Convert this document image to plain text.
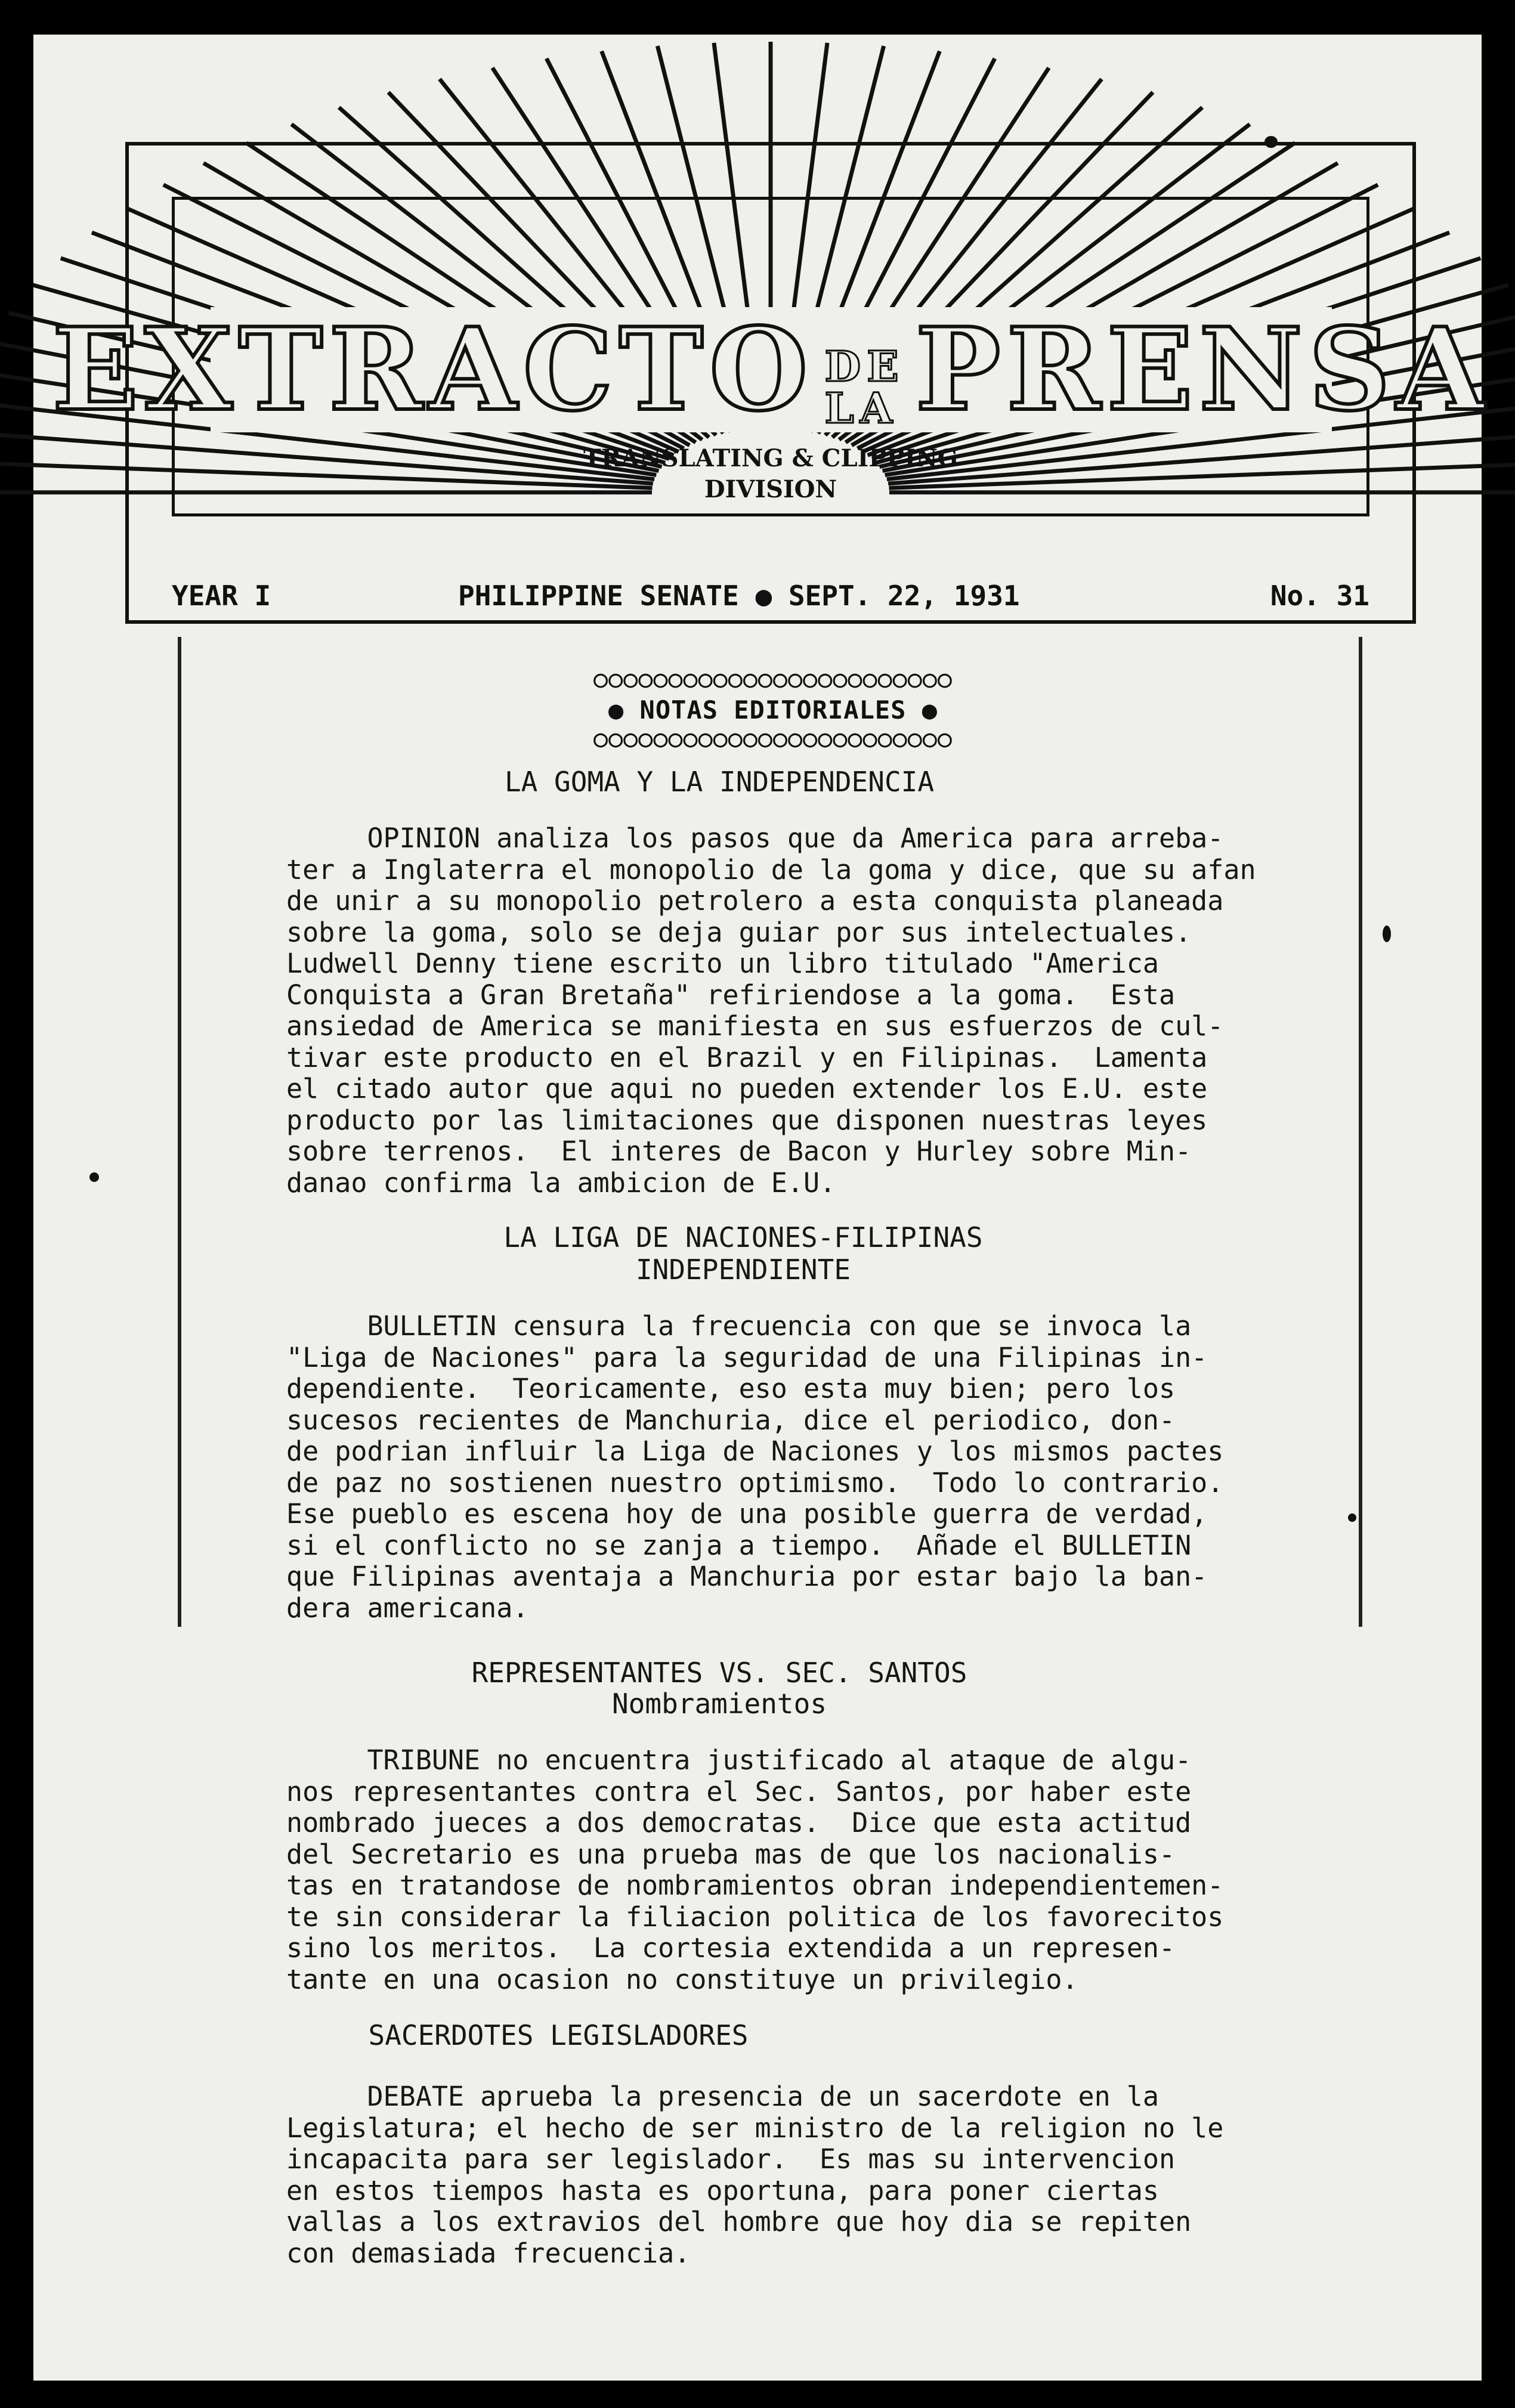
EXTRACTO DE LA PRENSA
TRANSLATING & CLIPPING
DIVISION
YEAR I	PHILIPPINE SENATE ● SEPT. 22, 1931	No. 31
○○○○○○○○○○○○○○○○○○○○○○○○
● NOTAS EDITORIALES ●
○○○○○○○○○○○○○○○○○○○○○○○○
LA GOMA Y LA INDEPENDENCIA
OPINION analiza los pasos que da America para arreba-
ter a Inglaterra el monopolio de la goma y dice, que su afan
de unir a su monopolio petrolero a esta conquista planeada
sobre la goma, solo se deja guiar por sus intelectuales.
Ludwell Denny tiene escrito un libro titulado "America
Conquista a Gran Bretaña" refiriendose a la goma.  Esta
ansiedad de America se manifiesta en sus esfuerzos de cul-
tivar este producto en el Brazil y en Filipinas.  Lamenta
el citado autor que aqui no pueden extender los E.U. este
producto por las limitaciones que disponen nuestras leyes
sobre terrenos.  El interes de Bacon y Hurley sobre Min-
danao confirma la ambicion de E.U.
LA LIGA DE NACIONES-FILIPINAS
INDEPENDIENTE
BULLETIN censura la frecuencia con que se invoca la
"Liga de Naciones" para la seguridad de una Filipinas in-
dependiente.  Teoricamente, eso esta muy bien; pero los
sucesos recientes de Manchuria, dice el periodico, don-
de podrian influir la Liga de Naciones y los mismos pactes
de paz no sostienen nuestro optimismo.  Todo lo contrario.
Ese pueblo es escena hoy de una posible guerra de verdad,
si el conflicto no se zanja a tiempo.  Añade el BULLETIN
que Filipinas aventaja a Manchuria por estar bajo la ban-
dera americana.
REPRESENTANTES VS. SEC. SANTOS
Nombramientos
TRIBUNE no encuentra justificado al ataque de algu-
nos representantes contra el Sec. Santos, por haber este
nombrado jueces a dos democratas.  Dice que esta actitud
del Secretario es una prueba mas de que los nacionalis-
tas en tratandose de nombramientos obran independientemen-
te sin considerar la filiacion politica de los favorecitos
sino los meritos.  La cortesia extendida a un represen-
tante en una ocasion no constituye un privilegio.
SACERDOTES LEGISLADORES
DEBATE aprueba la presencia de un sacerdote en la
Legislatura; el hecho de ser ministro de la religion no le
incapacita para ser legislador.  Es mas su intervencion
en estos tiempos hasta es oportuna, para poner ciertas
vallas a los extravios del hombre que hoy dia se repiten
con demasiada frecuencia.
